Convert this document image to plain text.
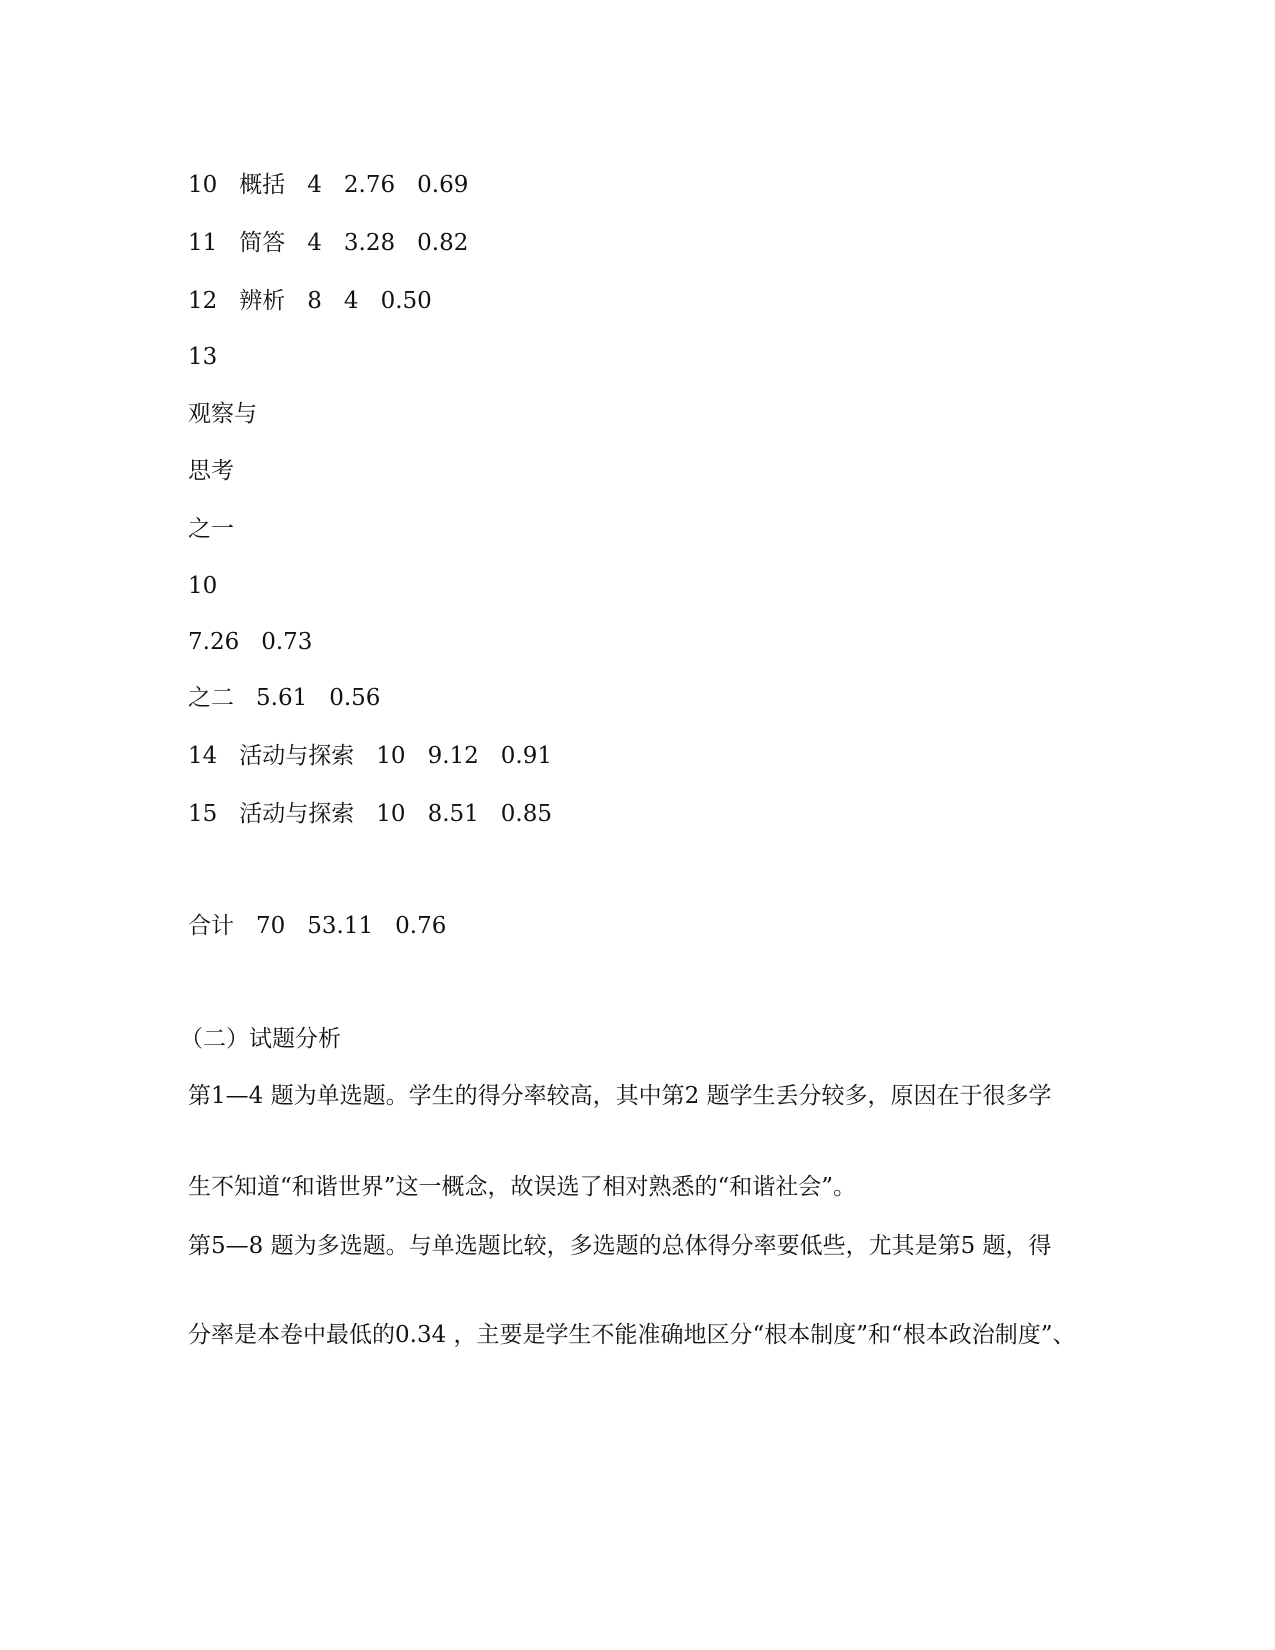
10 概括 4 2.76 0.69

11 简答 4 3.28 0.82

12 辨析 8 4 0.50

13

观察与

思考

之一

10

7.26 0.73

之二 5.61 0.56

14 活动与探索 10 9.12 0.91

15 活动与探索 10 8.51 0.85

合计 70 53.11 0.76

（二）试题分析

第1—4 题为单选题。学生的得分率较高，其中第2 题学生丢分较多，原因在于很多学

生不知道“和谐世界”这一概念，故误选了相对熟悉的“和谐社会”。

第5—8 题为多选题。与单选题比较，多选题的总体得分率要低些，尤其是第5 题，得

分率是本卷中最低的0.34 ，主要是学生不能准确地区分“根本制度”和“根本政治制度”、
